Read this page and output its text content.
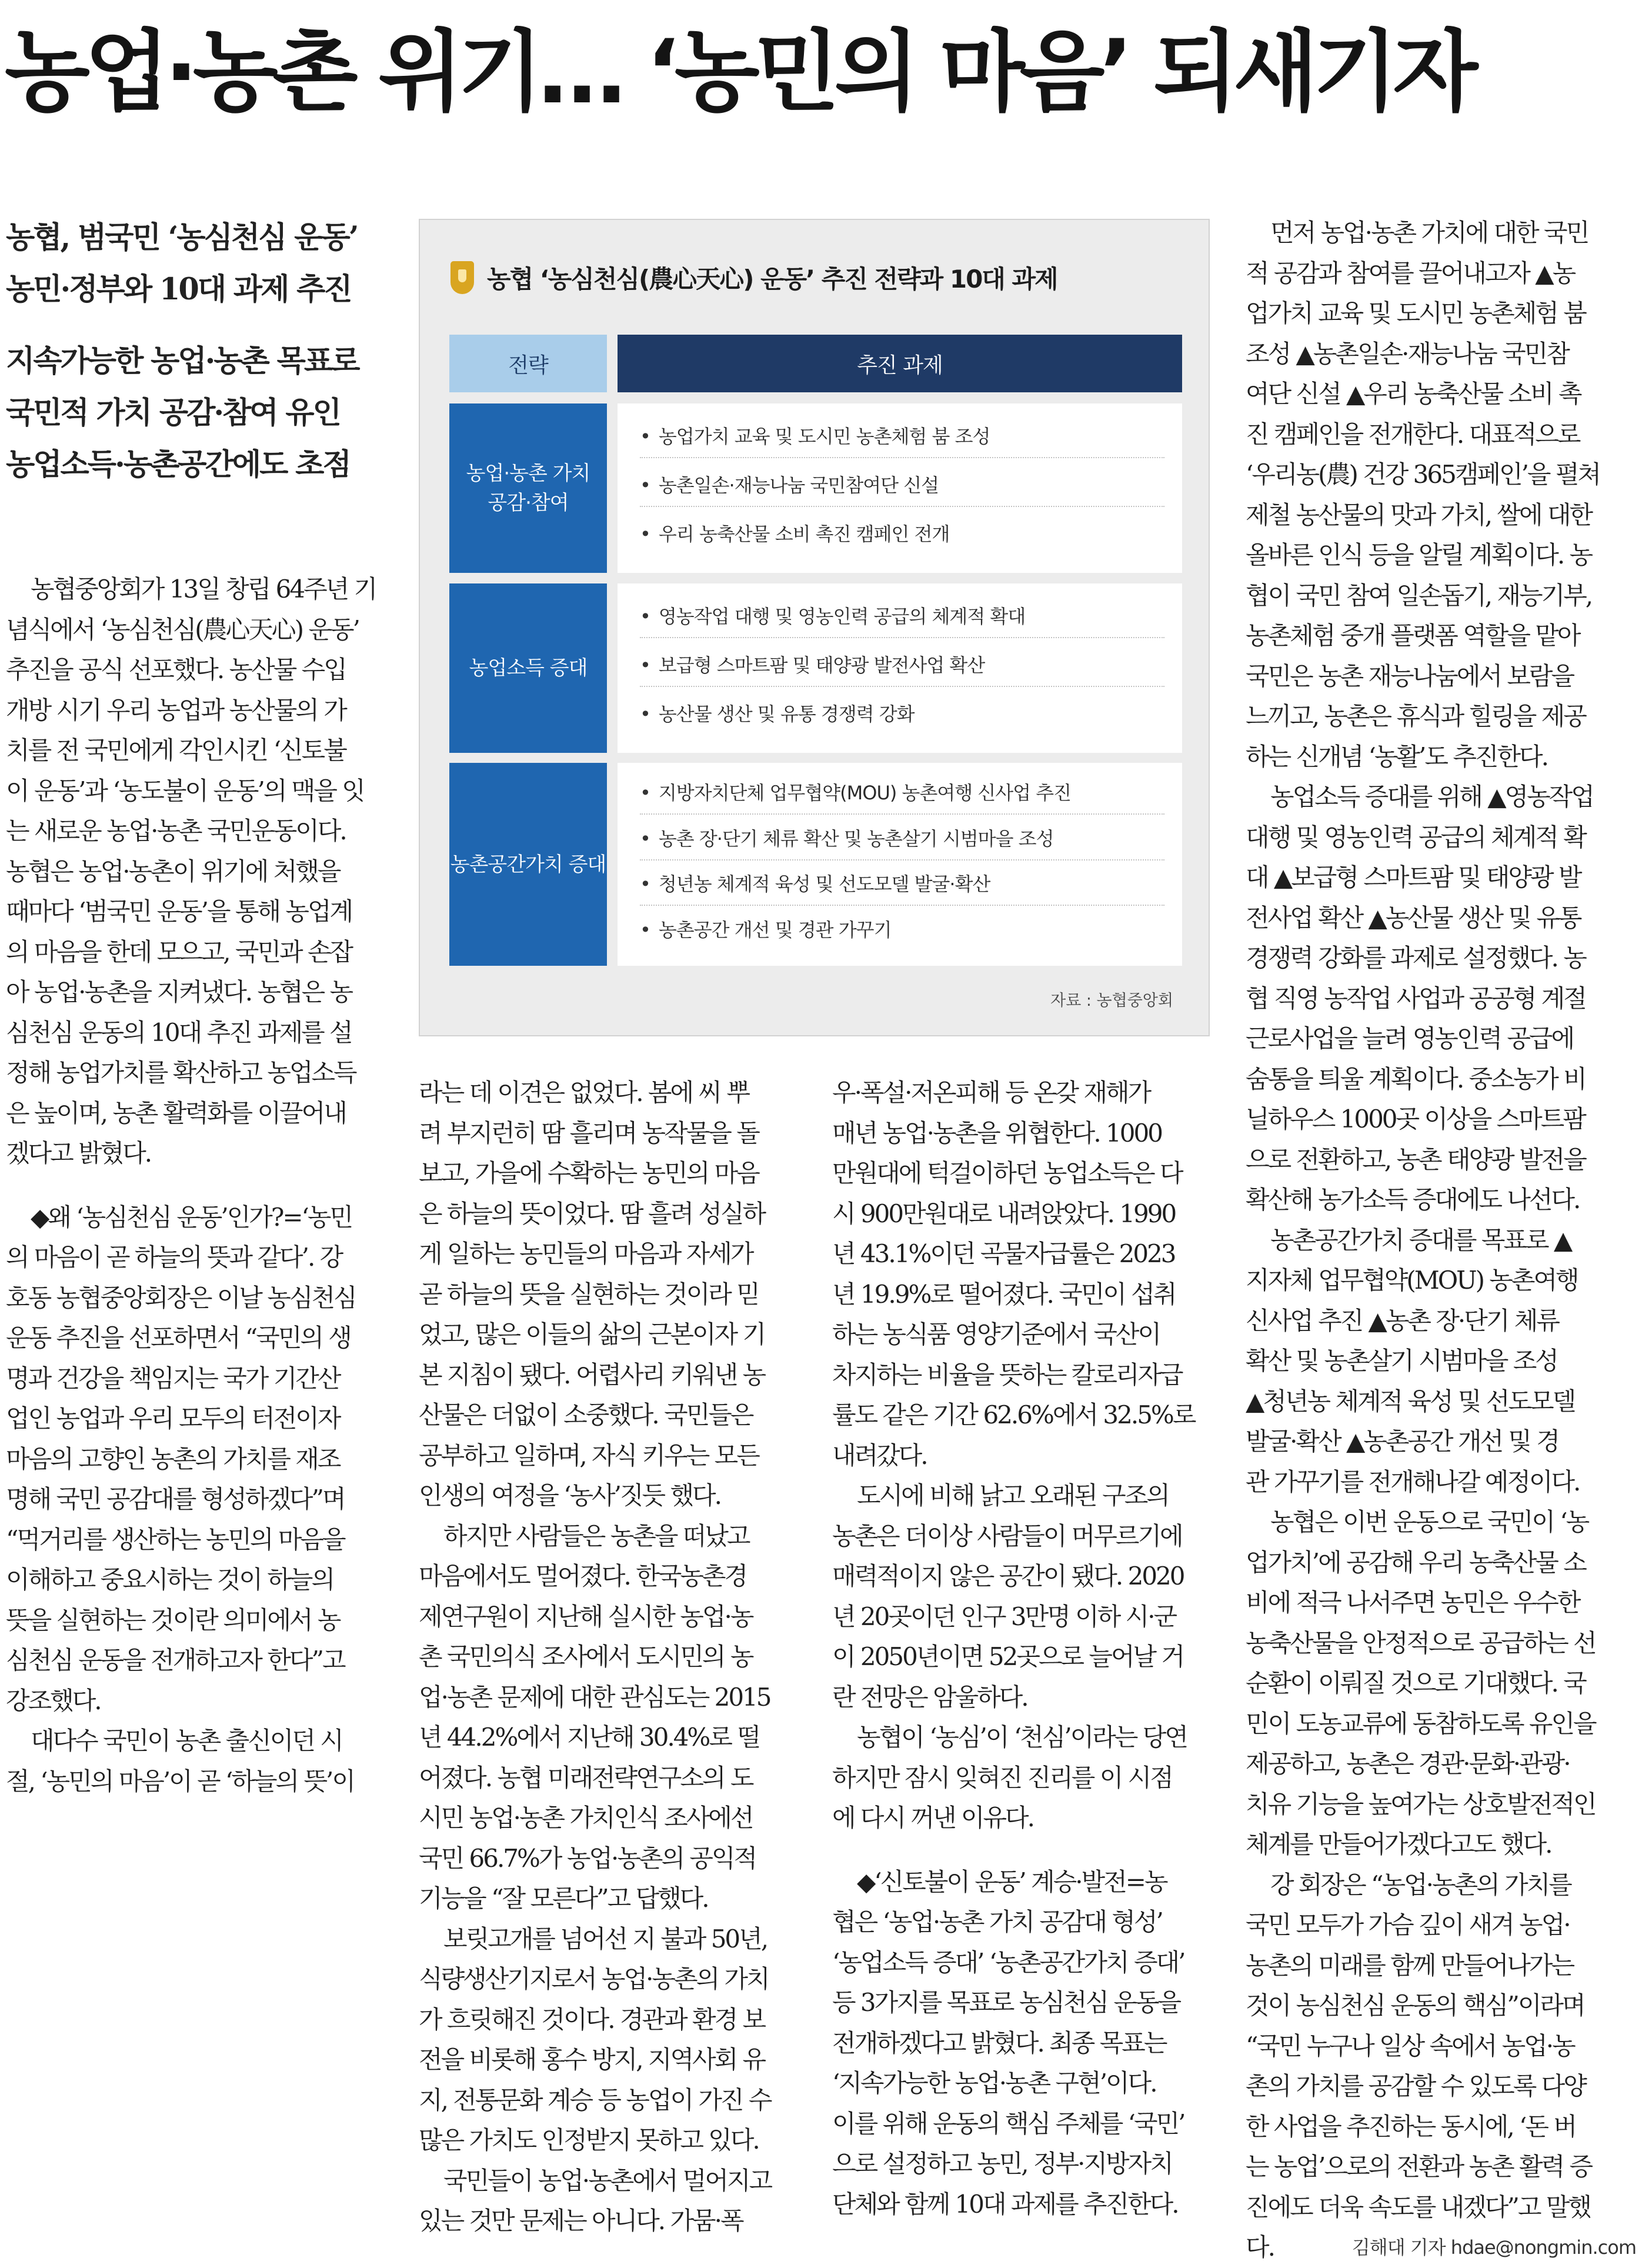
농업·농촌 위기… ‘농민의 마음’ 되새기자
농협, 범국민 ‘농심천심 운동’
농민·정부와 10대 과제 추진
지속가능한 농업·농촌 목표로
국민적 가치 공감·참여 유인
농업소득·농촌공간에도 초점
농협 ‘농심천심(農心天心) 운동’ 추진 전략과 10대 과제
전략	추진 과제
농업·농촌 가치
공감·참여
• 농업가치 교육 및 도시민 농촌체험 붐 조성
• 농촌일손·재능나눔 국민참여단 신설
• 우리 농축산물 소비 촉진 캠페인 전개
농업소득 증대
• 영농작업 대행 및 영농인력 공급의 체계적 확대
• 보급형 스마트팜 및 태양광 발전사업 확산
• 농산물 생산 및 유통 경쟁력 강화
농촌공간가치 증대
• 지방자치단체 업무협약(MOU) 농촌여행 신사업 추진
• 농촌 장·단기 체류 확산 및 농촌살기 시범마을 조성
• 청년농 체계적 육성 및 선도모델 발굴·확산
• 농촌공간 개선 및 경관 가꾸기
자료 : 농협중앙회
농협중앙회가 13일 창립 64주년 기
념식에서 ‘농심천심(農心天心) 운동’
추진을 공식 선포했다. 농산물 수입
개방 시기 우리 농업과 농산물의 가
치를 전 국민에게 각인시킨 ‘신토불
이 운동’과 ‘농도불이 운동’의 맥을 잇
는 새로운 농업·농촌 국민운동이다.
농협은 농업·농촌이 위기에 처했을
때마다 ‘범국민 운동’을 통해 농업계
의 마음을 한데 모으고, 국민과 손잡
아 농업·농촌을 지켜냈다. 농협은 농
심천심 운동의 10대 추진 과제를 설
정해 농업가치를 확산하고 농업소득
은 높이며, 농촌 활력화를 이끌어내
겠다고 밝혔다.
◆왜 ‘농심천심 운동’인가?=‘농민
의 마음이 곧 하늘의 뜻과 같다’. 강
호동 농협중앙회장은 이날 농심천심
운동 추진을 선포하면서 “국민의 생
명과 건강을 책임지는 국가 기간산
업인 농업과 우리 모두의 터전이자
마음의 고향인 농촌의 가치를 재조
명해 국민 공감대를 형성하겠다”며
“먹거리를 생산하는 농민의 마음을
이해하고 중요시하는 것이 하늘의
뜻을 실현하는 것이란 의미에서 농
심천심 운동을 전개하고자 한다”고
강조했다.
대다수 국민이 농촌 출신이던 시
절, ‘농민의 마음’이 곧 ‘하늘의 뜻’이
라는 데 이견은 없었다. 봄에 씨 뿌
려 부지런히 땀 흘리며 농작물을 돌
보고, 가을에 수확하는 농민의 마음
은 하늘의 뜻이었다. 땀 흘려 성실하
게 일하는 농민들의 마음과 자세가
곧 하늘의 뜻을 실현하는 것이라 믿
었고, 많은 이들의 삶의 근본이자 기
본 지침이 됐다. 어렵사리 키워낸 농
산물은 더없이 소중했다. 국민들은
공부하고 일하며, 자식 키우는 모든
인생의 여정을 ‘농사’짓듯 했다.
하지만 사람들은 농촌을 떠났고
마음에서도 멀어졌다. 한국농촌경
제연구원이 지난해 실시한 농업·농
촌 국민의식 조사에서 도시민의 농
업·농촌 문제에 대한 관심도는 2015
년 44.2%에서 지난해 30.4%로 떨
어졌다. 농협 미래전략연구소의 도
시민 농업·농촌 가치인식 조사에선
국민 66.7%가 농업·농촌의 공익적
기능을 “잘 모른다”고 답했다.
보릿고개를 넘어선 지 불과 50년,
식량생산기지로서 농업·농촌의 가치
가 흐릿해진 것이다. 경관과 환경 보
전을 비롯해 홍수 방지, 지역사회 유
지, 전통문화 계승 등 농업이 가진 수
많은 가치도 인정받지 못하고 있다.
국민들이 농업·농촌에서 멀어지고
있는 것만 문제는 아니다. 가뭄·폭
우·폭설·저온피해 등 온갖 재해가
매년 농업·농촌을 위협한다. 1000
만원대에 턱걸이하던 농업소득은 다
시 900만원대로 내려앉았다. 1990
년 43.1%이던 곡물자급률은 2023
년 19.9%로 떨어졌다. 국민이 섭취
하는 농식품 영양기준에서 국산이
차지하는 비율을 뜻하는 칼로리자급
률도 같은 기간 62.6%에서 32.5%로
내려갔다.
도시에 비해 낡고 오래된 구조의
농촌은 더이상 사람들이 머무르기에
매력적이지 않은 공간이 됐다. 2020
년 20곳이던 인구 3만명 이하 시·군
이 2050년이면 52곳으로 늘어날 거
란 전망은 암울하다.
농협이 ‘농심’이 ‘천심’이라는 당연
하지만 잠시 잊혀진 진리를 이 시점
에 다시 꺼낸 이유다.
◆‘신토불이 운동’ 계승·발전=농
협은 ‘농업·농촌 가치 공감대 형성’
‘농업소득 증대’ ‘농촌공간가치 증대’
등 3가지를 목표로 농심천심 운동을
전개하겠다고 밝혔다. 최종 목표는
‘지속가능한 농업·농촌 구현’이다.
이를 위해 운동의 핵심 주체를 ‘국민’
으로 설정하고 농민, 정부·지방자치
단체와 함께 10대 과제를 추진한다.
먼저 농업·농촌 가치에 대한 국민
적 공감과 참여를 끌어내고자 ▲농
업가치 교육 및 도시민 농촌체험 붐
조성 ▲농촌일손·재능나눔 국민참
여단 신설 ▲우리 농축산물 소비 촉
진 캠페인을 전개한다. 대표적으로
‘우리농(農) 건강 365캠페인’을 펼쳐
제철 농산물의 맛과 가치, 쌀에 대한
올바른 인식 등을 알릴 계획이다. 농
협이 국민 참여 일손돕기, 재능기부,
농촌체험 중개 플랫폼 역할을 맡아
국민은 농촌 재능나눔에서 보람을
느끼고, 농촌은 휴식과 힐링을 제공
하는 신개념 ‘농활’도 추진한다.
농업소득 증대를 위해 ▲영농작업
대행 및 영농인력 공급의 체계적 확
대 ▲보급형 스마트팜 및 태양광 발
전사업 확산 ▲농산물 생산 및 유통
경쟁력 강화를 과제로 설정했다. 농
협 직영 농작업 사업과 공공형 계절
근로사업을 늘려 영농인력 공급에
숨통을 틔울 계획이다. 중소농가 비
닐하우스 1000곳 이상을 스마트팜
으로 전환하고, 농촌 태양광 발전을
확산해 농가소득 증대에도 나선다.
농촌공간가치 증대를 목표로 ▲
지자체 업무협약(MOU) 농촌여행
신사업 추진 ▲농촌 장·단기 체류
확산 및 농촌살기 시범마을 조성
▲청년농 체계적 육성 및 선도모델
발굴·확산 ▲농촌공간 개선 및 경
관 가꾸기를 전개해나갈 예정이다.
농협은 이번 운동으로 국민이 ‘농
업가치’에 공감해 우리 농축산물 소
비에 적극 나서주면 농민은 우수한
농축산물을 안정적으로 공급하는 선
순환이 이뤄질 것으로 기대했다. 국
민이 도농교류에 동참하도록 유인을
제공하고, 농촌은 경관·문화·관광·
치유 기능을 높여가는 상호발전적인
체계를 만들어가겠다고도 했다.
강 회장은 “농업·농촌의 가치를
국민 모두가 가슴 깊이 새겨 농업·
농촌의 미래를 함께 만들어나가는
것이 농심천심 운동의 핵심”이라며
“국민 누구나 일상 속에서 농업·농
촌의 가치를 공감할 수 있도록 다양
한 사업을 추진하는 동시에, ‘돈 버
는 농업’으로의 전환과 농촌 활력 증
진에도 더욱 속도를 내겠다”고 말했
다.	김해대 기자 hdae@nongmin.com
